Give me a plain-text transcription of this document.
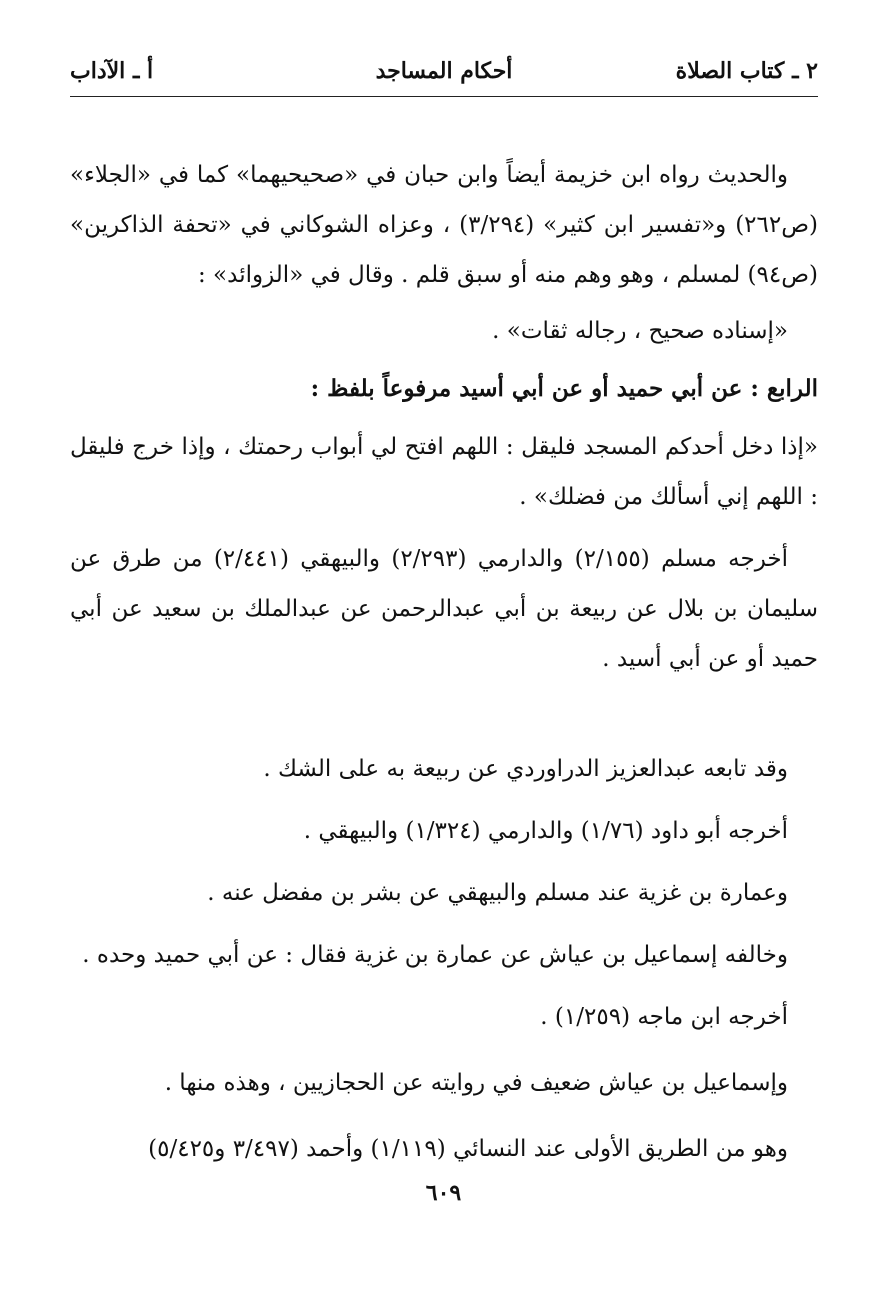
٢ ـ كتاب الصلاة
أحكام المساجد
أ ـ الآداب

والحديث رواه ابن خزيمة أيضاً وابن حبان في «صحيحيهما» كما في «الجلاء» (ص٢٦٢) و«تفسير ابن كثير» (٣/٢٩٤) ، وعزاه الشوكاني في «تحفة الذاكرين» (ص٩٤) لمسلم ، وهو وهم منه أو سبق قلم . وقال في «الزوائد» :

«إسناده صحيح ، رجاله ثقات» .

الرابع : عن أبي حميد أو عن أبي أسيد مرفوعاً بلفظ :

«إذا دخل أحدكم المسجد فليقل : اللهم افتح لي أبواب رحمتك ، وإذا خرج فليقل : اللهم إني أسألك من فضلك» .

أخرجه مسلم (٢/١٥٥) والدارمي (٢/٢٩٣) والبيهقي (٢/٤٤١) من طرق عن سليمان بن بلال عن ربيعة بن أبي عبدالرحمن عن عبدالملك بن سعيد عن أبي حميد أو عن أبي أسيد .

وقد تابعه عبدالعزيز الدراوردي عن ربيعة به على الشك .

أخرجه أبو داود (١/٧٦) والدارمي (١/٣٢٤) والبيهقي .

وعمارة بن غزية عند مسلم والبيهقي عن بشر بن مفضل عنه .

وخالفه إسماعيل بن عياش عن عمارة بن غزية فقال : عن أبي حميد وحده .

أخرجه ابن ماجه (١/٢٥٩) .

وإسماعيل بن عياش ضعيف في روايته عن الحجازيين ، وهذه منها .

وهو من الطريق الأولى عند النسائي (١/١١٩) وأحمد (٣/٤٩٧ و٥/٤٢٥)

٦٠٩
